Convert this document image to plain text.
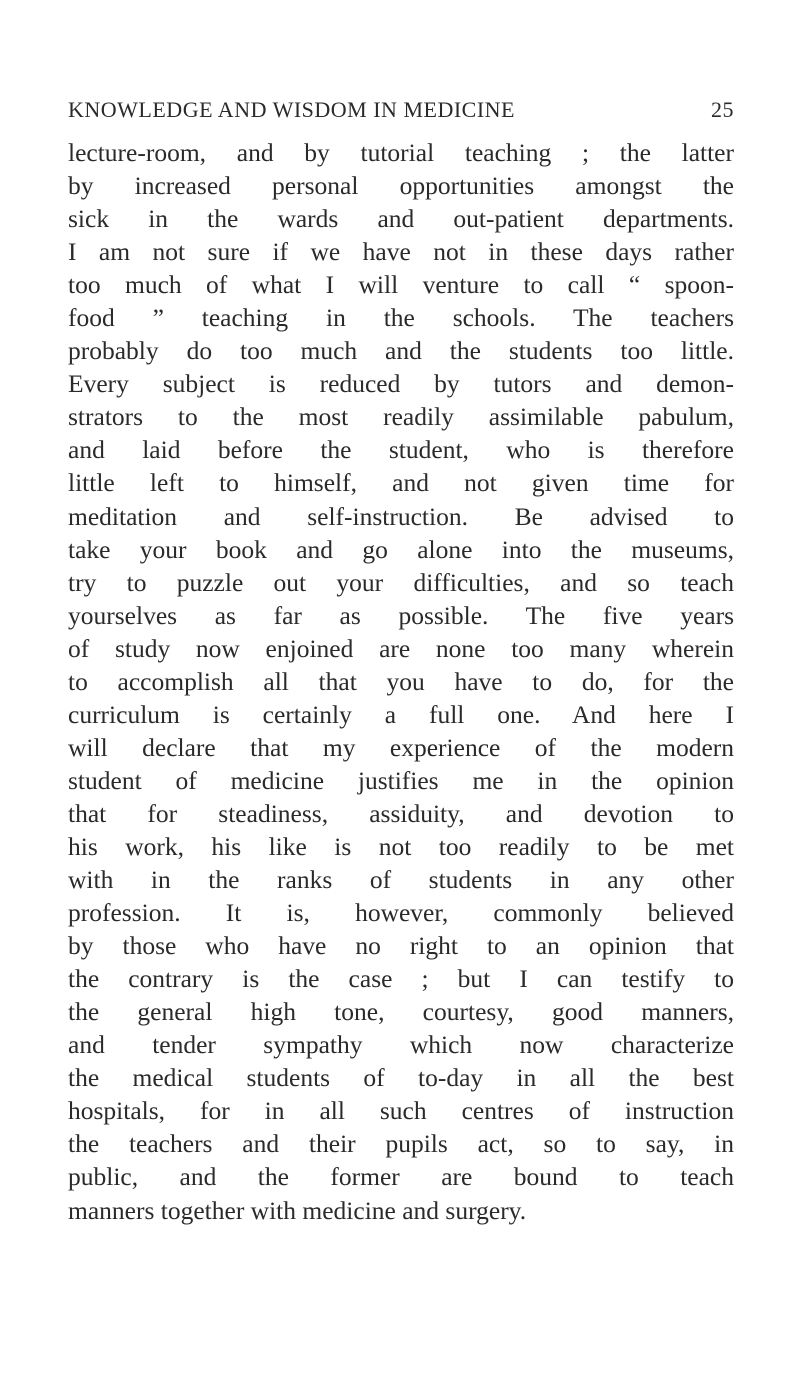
KNOWLEDGE AND WISDOM IN MEDICINE	25
lecture-room, and by tutorial teaching ; the latter
by increased personal opportunities amongst the
sick in the wards and out-patient departments.
I am not sure if we have not in these days rather
too much of what I will venture to call “ spoon-
food ” teaching in the schools. The teachers
probably do too much and the students too little.
Every subject is reduced by tutors and demon-
strators to the most readily assimilable pabulum,
and laid before the student, who is therefore
little left to himself, and not given time for
meditation and self-instruction. Be advised to
take your book and go alone into the museums,
try to puzzle out your difficulties, and so teach
yourselves as far as possible. The five years
of study now enjoined are none too many wherein
to accomplish all that you have to do, for the
curriculum is certainly a full one. And here I
will declare that my experience of the modern
student of medicine justifies me in the opinion
that for steadiness, assiduity, and devotion to
his work, his like is not too readily to be met
with in the ranks of students in any other
profession. It is, however, commonly believed
by those who have no right to an opinion that
the contrary is the case ; but I can testify to
the general high tone, courtesy, good manners,
and tender sympathy which now characterize
the medical students of to-day in all the best
hospitals, for in all such centres of instruction
the teachers and their pupils act, so to say, in
public, and the former are bound to teach
manners together with medicine and surgery.
